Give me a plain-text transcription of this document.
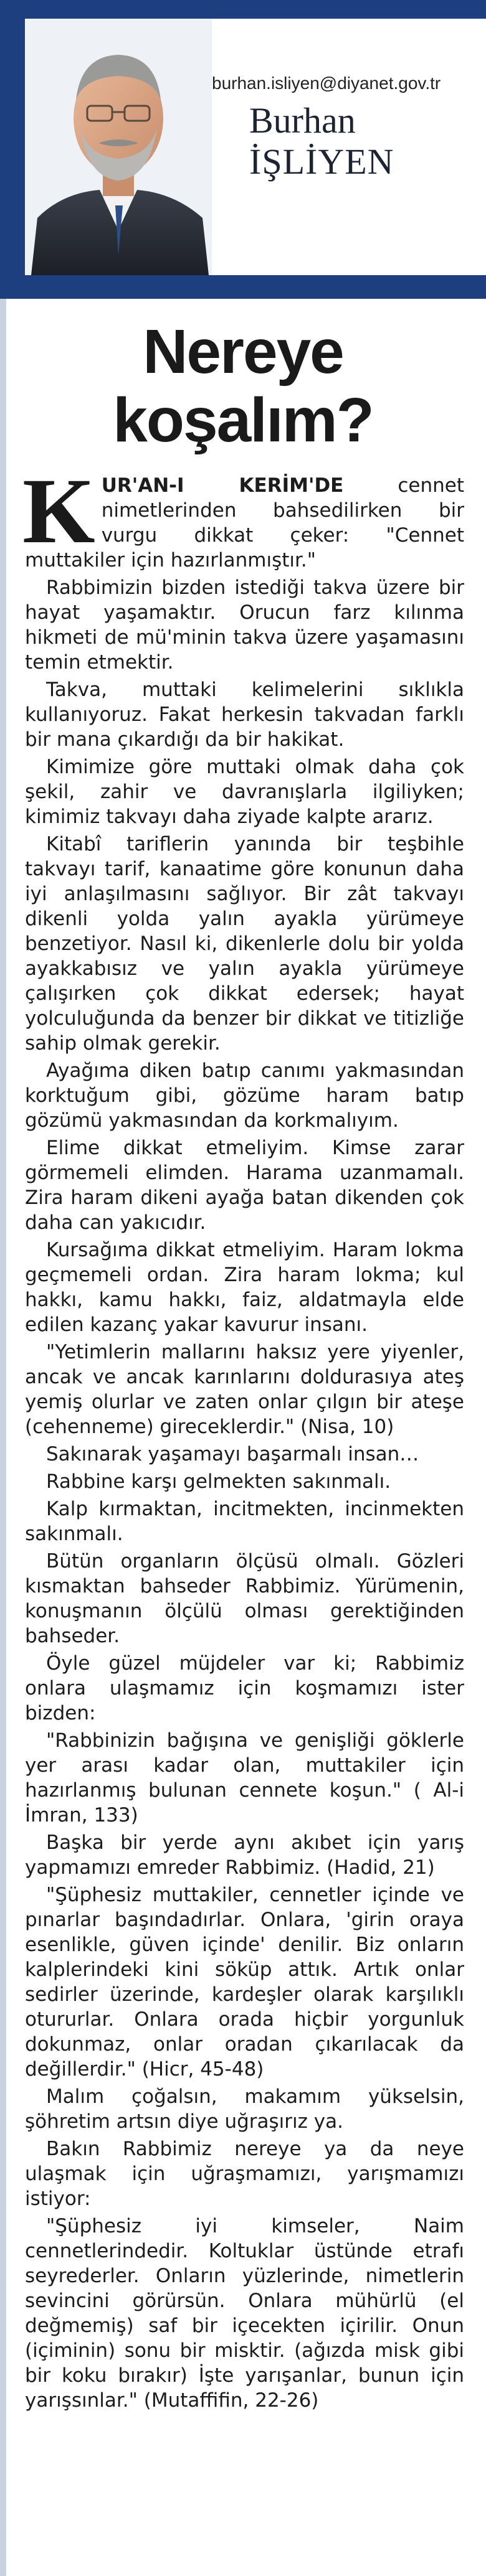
burhan.isliyen@diyanet.gov.tr
Burhan
İŞLİYEN
Nereye
koşalım?

KUR'AN-I KERİM'DE cennet nimetlerinden bahsedilirken bir vurgu dikkat çeker: "Cennet muttakiler için hazırlanmıştır."

Rabbimizin bizden istediği takva üzere bir hayat yaşamaktır. Orucun farz kılınma hikmeti de mü'minin takva üzere yaşamasını temin etmektir.

Takva, muttaki kelimelerini sıklıkla kullanıyoruz. Fakat herkesin takvadan farklı bir mana çıkardığı da bir hakikat.

Kimimize göre muttaki olmak daha çok şekil, zahir ve davranışlarla ilgiliyken; kimimiz takvayı daha ziyade kalpte ararız.

Kitabî tariflerin yanında bir teşbihle takvayı tarif, kanaatime göre konunun daha iyi anlaşılmasını sağlıyor. Bir zât takvayı dikenli yolda yalın ayakla yürümeye benzetiyor. Nasıl ki, dikenlerle dolu bir yolda ayakkabısız ve yalın ayakla yürümeye çalışırken çok dikkat edersek; hayat yolculuğunda da benzer bir dikkat ve titizliğe sahip olmak gerekir.

Ayağıma diken batıp canımı yakmasından korktuğum gibi, gözüme haram batıp gözümü yakmasından da korkmalıyım.

Elime dikkat etmeliyim. Kimse zarar görmemeli elimden. Harama uzanmamalı. Zira haram dikeni ayağa batan dikenden çok daha can yakıcıdır.

Kursağıma dikkat etmeliyim. Haram lokma geçmemeli ordan. Zira haram lokma; kul hakkı, kamu hakkı, faiz, aldatmayla elde edilen kazanç yakar kavurur insanı.

"Yetimlerin mallarını haksız yere yiyenler, ancak ve ancak karınlarını doldurasıya ateş yemiş olurlar ve zaten onlar çılgın bir ateşe (cehenneme) gireceklerdir." (Nisa, 10)

Sakınarak yaşamayı başarmalı insan…

Rabbine karşı gelmekten sakınmalı.

Kalp kırmaktan, incitmekten, incinmekten sakınmalı.

Bütün organların ölçüsü olmalı. Gözleri kısmaktan bahseder Rabbimiz. Yürümenin, konuşmanın ölçülü olması gerektiğinden bahseder.

Öyle güzel müjdeler var ki; Rabbimiz onlara ulaşmamız için koşmamızı ister bizden:

"Rabbinizin bağışına ve genişliği göklerle yer arası kadar olan, muttakiler için hazırlanmış bulunan cennete koşun." ( Al-i İmran, 133)

Başka bir yerde aynı akıbet için yarış yapmamızı emreder Rabbimiz. (Hadid, 21)

"Şüphesiz muttakiler, cennetler içinde ve pınarlar başındadırlar. Onlara, 'girin oraya esenlikle, güven içinde' denilir. Biz onların kalplerindeki kini söküp attık. Artık onlar sedirler üzerinde, kardeşler olarak karşılıklı otururlar. Onlara orada hiçbir yorgunluk dokunmaz, onlar oradan çıkarılacak da değillerdir." (Hicr, 45-48)

Malım çoğalsın, makamım yükselsin, şöhretim artsın diye uğraşırız ya.

Bakın Rabbimiz nereye ya da neye ulaşmak için uğraşmamızı, yarışmamızı istiyor:

"Şüphesiz iyi kimseler, Naim cennetlerindedir. Koltuklar üstünde etrafı seyrederler. Onların yüzlerinde, nimetlerin sevincini görürsün. Onlara mühürlü (el değmemiş) saf bir içecekten içirilir. Onun (içiminin) sonu bir misktir. (ağızda misk gibi bir koku bırakır) İşte yarışanlar, bunun için yarışsınlar." (Mutaffifin, 22-26)
